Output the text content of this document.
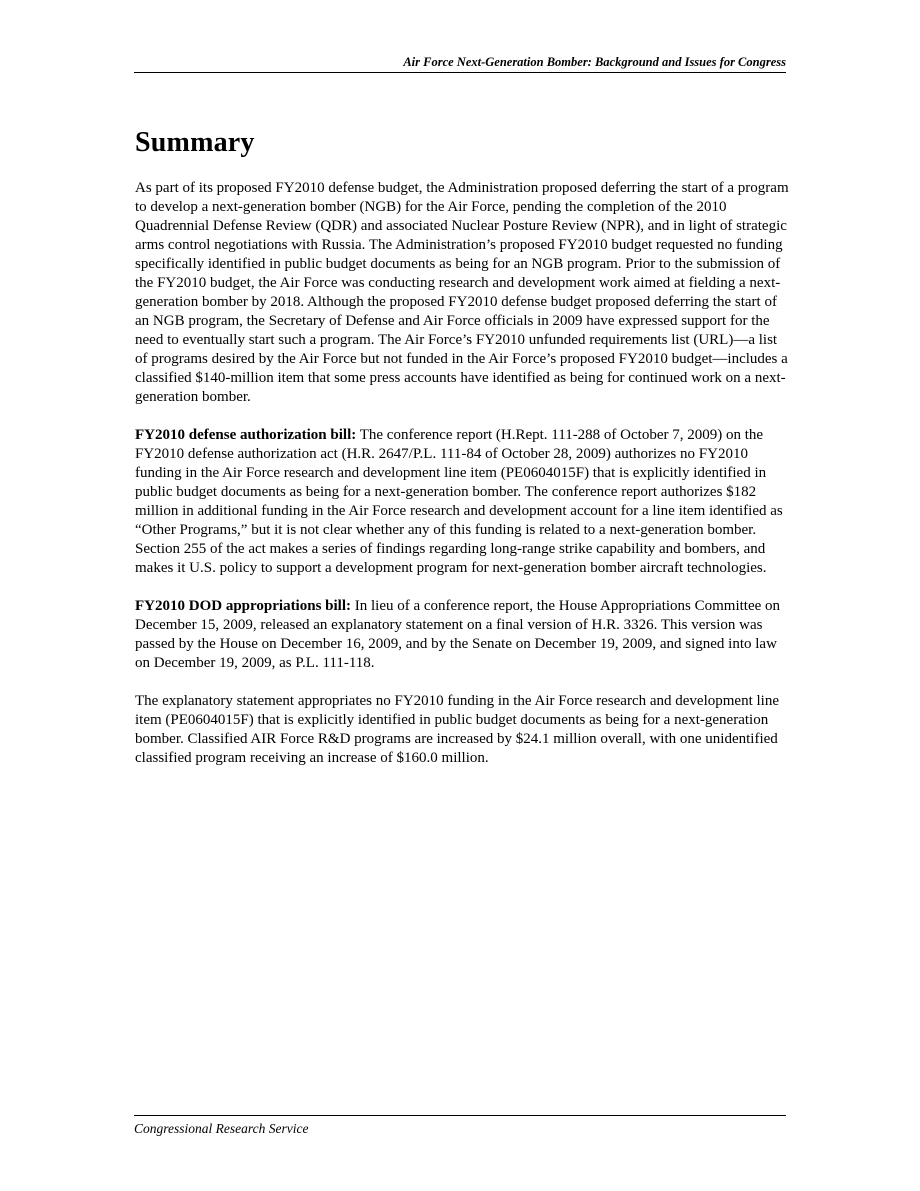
Air Force Next-Generation Bomber: Background and Issues for Congress
Summary

As part of its proposed FY2010 defense budget, the Administration proposed deferring the start of a program to develop a next-generation bomber (NGB) for the Air Force, pending the completion of the 2010 Quadrennial Defense Review (QDR) and associated Nuclear Posture Review (NPR), and in light of strategic arms control negotiations with Russia. The Administration’s proposed FY2010 budget requested no funding specifically identified in public budget documents as being for an NGB program. Prior to the submission of the FY2010 budget, the Air Force was conducting research and development work aimed at fielding a next-generation bomber by 2018. Although the proposed FY2010 defense budget proposed deferring the start of an NGB program, the Secretary of Defense and Air Force officials in 2009 have expressed support for the need to eventually start such a program. The Air Force’s FY2010 unfunded requirements list (URL)—a list of programs desired by the Air Force but not funded in the Air Force’s proposed FY2010 budget—includes a classified $140-million item that some press accounts have identified as being for continued work on a next-generation bomber.

FY2010 defense authorization bill: The conference report (H.Rept. 111-288 of October 7, 2009) on the FY2010 defense authorization act (H.R. 2647/P.L. 111-84 of October 28, 2009) authorizes no FY2010 funding in the Air Force research and development line item (PE0604015F) that is explicitly identified in public budget documents as being for a next-generation bomber. The conference report authorizes $182 million in additional funding in the Air Force research and development account for a line item identified as “Other Programs,” but it is not clear whether any of this funding is related to a next-generation bomber. Section 255 of the act makes a series of findings regarding long-range strike capability and bombers, and makes it U.S. policy to support a development program for next-generation bomber aircraft technologies.

FY2010 DOD appropriations bill: In lieu of a conference report, the House Appropriations Committee on December 15, 2009, released an explanatory statement on a final version of H.R. 3326. This version was passed by the House on December 16, 2009, and by the Senate on December 19, 2009, and signed into law on December 19, 2009, as P.L. 111-118.

The explanatory statement appropriates no FY2010 funding in the Air Force research and development line item (PE0604015F) that is explicitly identified in public budget documents as being for a next-generation bomber. Classified AIR Force R&D programs are increased by $24.1 million overall, with one unidentified classified program receiving an increase of $160.0 million.

Congressional Research Service
